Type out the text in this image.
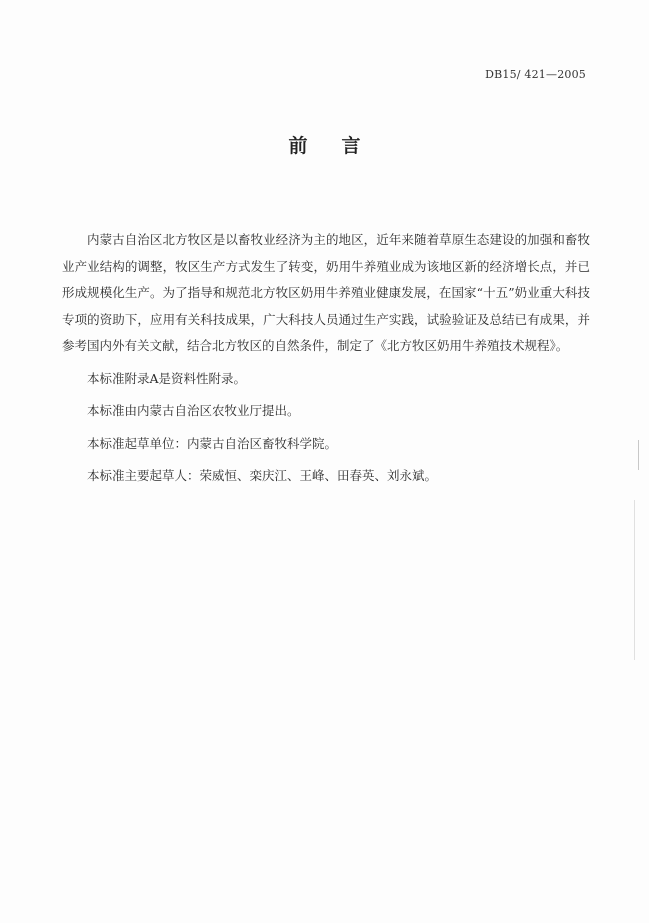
DB15/ 421—2005
前言

内蒙古自治区北方牧区是以畜牧业经济为主的地区，近年来随着草原生态建设的加强和畜牧业产业结构的调整，牧区生产方式发生了转变，奶用牛养殖业成为该地区新的经济增长点，并已形成规模化生产。为了指导和规范北方牧区奶用牛养殖业健康发展，在国家“十五”奶业重大科技专项的资助下，应用有关科技成果，广大科技人员通过生产实践，试验验证及总结已有成果，并参考国内外有关文献，结合北方牧区的自然条件，制定了《北方牧区奶用牛养殖技术规程》。

本标准附录A是资料性附录。

本标准由内蒙古自治区农牧业厅提出。

本标准起草单位：内蒙古自治区畜牧科学院。

本标准主要起草人：荣威恒、栾庆江、王峰、田春英、刘永斌。
